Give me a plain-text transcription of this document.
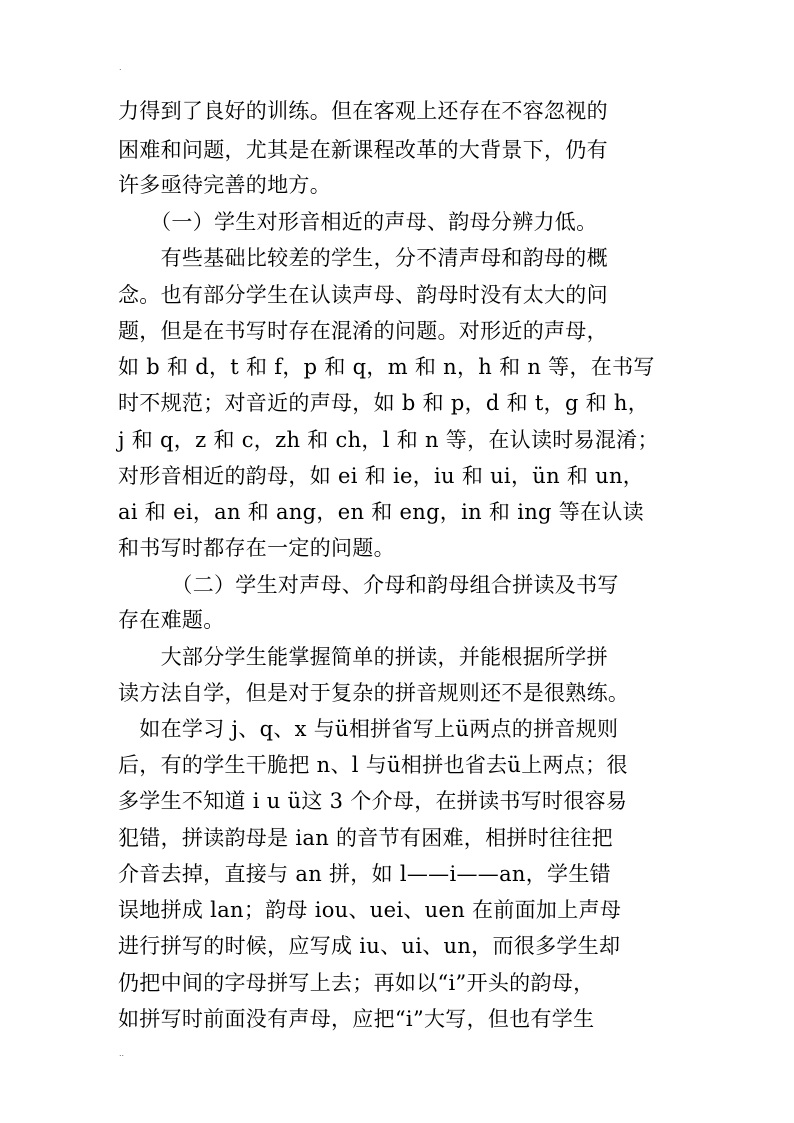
.
力得到了良好的训练。但在客观上还存在不容忽视的
困难和问题，尤其是在新课程改革的大背景下，仍有
许多亟待完善的地方。
　　（一）学生对形音相近的声母、韵母分辨力低。
　　有些基础比较差的学生，分不清声母和韵母的概
念。也有部分学生在认读声母、韵母时没有太大的问
题，但是在书写时存在混淆的问题。对形近的声母，
如 b 和 d，t 和 f，p 和 q，m 和 n，h 和 n 等，在书写
时不规范；对音近的声母，如 b 和 p，d 和 t，g 和 h，
j 和 q，z 和 c，zh 和 ch，l 和 n 等，在认读时易混淆；
对形音相近的韵母，如 ei 和 ie，iu 和 ui，ün 和 un，
ai 和 ei，an 和 ang，en 和 eng，in 和 ing 等在认读
和书写时都存在一定的问题。
　　　（二）学生对声母、介母和韵母组合拼读及书写
存在难题。
　　大部分学生能掌握简单的拼读，并能根据所学拼
读方法自学，但是对于复杂的拼音规则还不是很熟练。
　如在学习 j、q、x 与ü相拼省写上ü两点的拼音规则
后，有的学生干脆把 n、l 与ü相拼也省去ü上两点；很
多学生不知道 i u ü这 3 个介母，在拼读书写时很容易
犯错，拼读韵母是 ian 的音节有困难，相拼时往往把
介音去掉，直接与 an 拼，如 l——i——an，学生错
误地拼成 lan；韵母 iou、uei、uen 在前面加上声母
进行拼写的时候，应写成 iu、ui、un，而很多学生却
仍把中间的字母拼写上去；再如以“i”开头的韵母，
如拼写时前面没有声母，应把“i”大写，但也有学生
..
